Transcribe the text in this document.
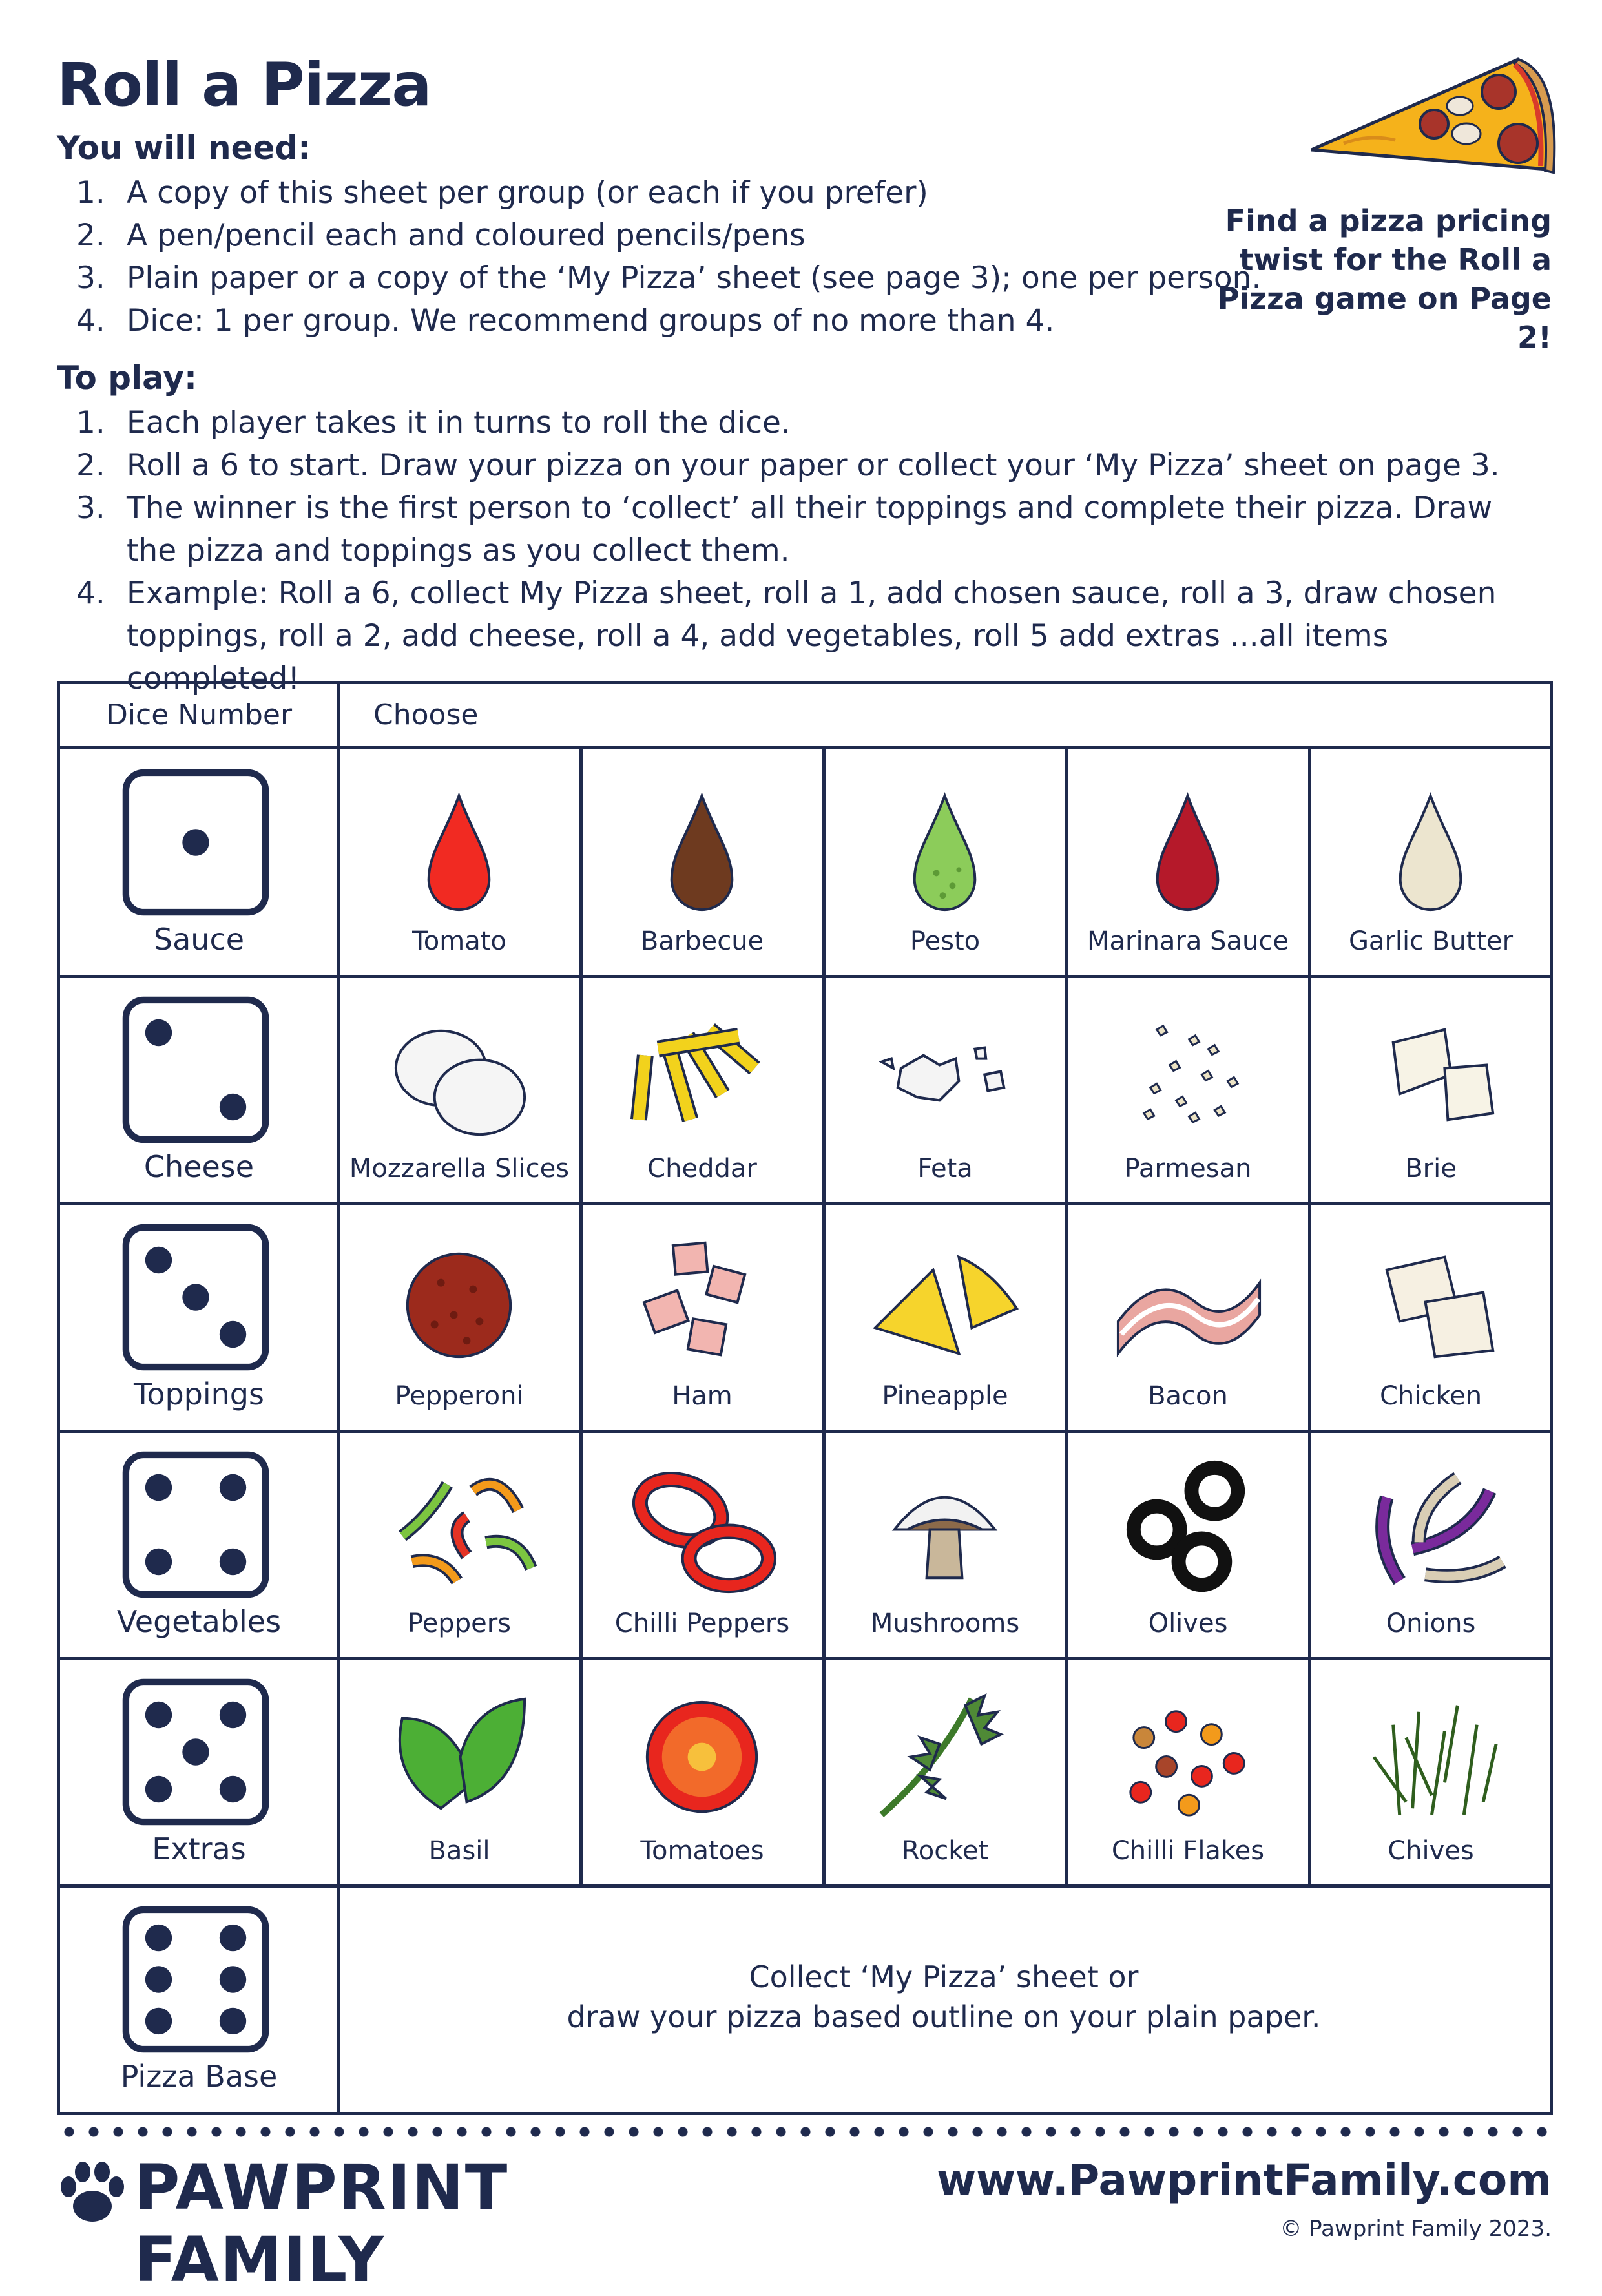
Roll a Pizza
You will need:
1. A copy of this sheet per group (or each if you prefer)
2. A pen/pencil each and coloured pencils/pens
3. Plain paper or a copy of the ‘My Pizza’ sheet (see page 3); one per person.
4. Dice: 1 per group. We recommend groups of no more than 4.
To play:
1. Each player takes it in turns to roll the dice.
2. Roll a 6 to start. Draw your pizza on your paper or collect your ‘My Pizza’ sheet on page 3.
3. The winner is the first person to ‘collect’ all their toppings and complete their pizza. Draw the pizza and toppings as you collect them.
4. Example: Roll a 6, collect My Pizza sheet, roll a 1, add chosen sauce, roll a 3, draw chosen toppings, roll a 2, add cheese, roll a 4, add vegetables, roll 5 add extras ...all items completed!
Find a pizza pricing twist for the Roll a Pizza game on Page 2!
Dice Number	Choose
Sauce	Tomato	Barbecue	Pesto	Marinara Sauce	Garlic Butter
Cheese	Mozzarella Slices	Cheddar	Feta	Parmesan	Brie
Toppings	Pepperoni	Ham	Pineapple	Bacon	Chicken
Vegetables	Peppers	Chilli Peppers	Mushrooms	Olives	Onions
Extras	Basil	Tomatoes	Rocket	Chilli Flakes	Chives
Pizza Base
Collect ‘My Pizza’ sheet or
draw your pizza based outline on your plain paper.
PAWPRINT FAMILY
www.PawprintFamily.com
© Pawprint Family 2023.
